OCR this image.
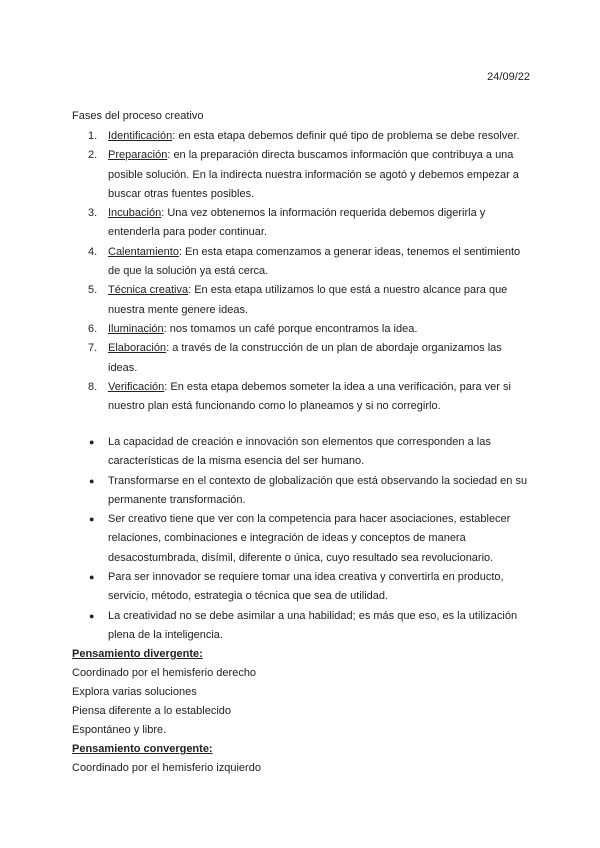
24/09/22
Fases del proceso creativo
1. Identificación: en esta etapa debemos definir qué tipo de problema se debe resolver.
2. Preparación: en la preparación directa buscamos información que contribuya a una posible solución. En la indirecta nuestra información se agotó y debemos empezar a buscar otras fuentes posibles.
3. Incubación: Una vez obtenemos la información requerida debemos digerirla y entenderla para poder continuar.
4. Calentamiento: En esta etapa comenzamos a generar ideas, tenemos el sentimiento de que la solución ya está cerca.
5. Técnica creativa: En esta etapa utilizamos lo que está a nuestro alcance para que nuestra mente genere ideas.
6. Iluminación: nos tomamos un café porque encontramos la idea.
7. Elaboración: a través de la construcción de un plan de abordaje organizamos las ideas.
8. Verificación: En esta etapa debemos someter la idea a una verificación, para ver si nuestro plan está funcionando como lo planeamos y si no corregirlo.
● La capacidad de creación e innovación son elementos que corresponden a las características de la misma esencia del ser humano.
● Transformarse en el contexto de globalización que está observando la sociedad en su permanente transformación.
● Ser creativo tiene que ver con la competencia para hacer asociaciones, establecer relaciones, combinaciones e integración de ideas y conceptos de manera desacostumbrada, disímil, diferente o única, cuyo resultado sea revolucionario.
● Para ser innovador se requiere tomar una idea creativa y convertirla en producto, servicio, método, estrategia o técnica que sea de utilidad.
● La creatividad no se debe asimilar a una habilidad; es más que eso, es la utilización plena de la inteligencia.
Pensamiento divergente:
Coordinado por el hemisferio derecho
Explora varias soluciones
Piensa diferente a lo establecido
Espontáneo y libre.
Pensamiento convergente:
Coordinado por el hemisferio izquierdo
